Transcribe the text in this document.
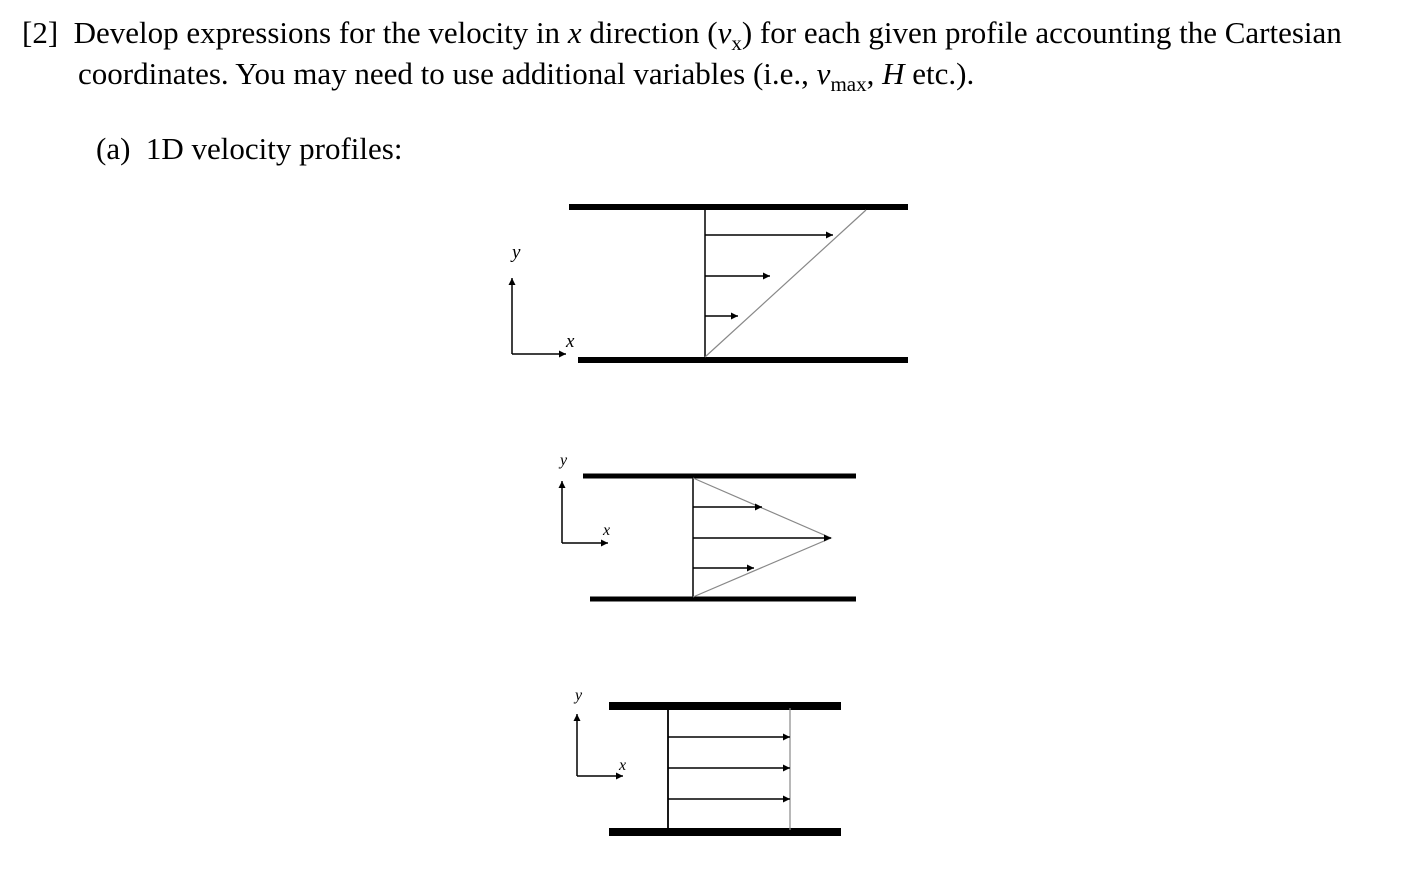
[2] Develop expressions for the velocity in x direction $(v_x)$ for each given profile accounting the Cartesian
coordinates. You may need to use additional variables (i.e., $v_{max}$, H etc.).
(a) 1D velocity profiles:
y
x
y
x
y
x
